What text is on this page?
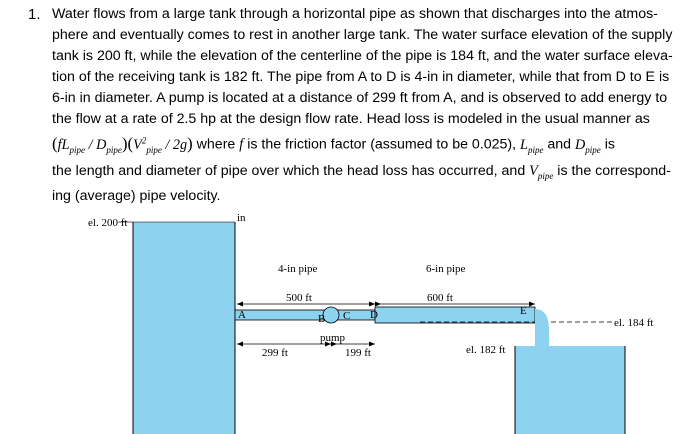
1. Water flows from a large tank through a horizontal pipe as shown that discharges into the atmos-

phere and eventually comes to rest in another large tank. The water surface elevation of the supply

tank is 200 ft, while the elevation of the centerline of the pipe is 184 ft, and the water surface eleva-

tion of the receiving tank is 182 ft. The pipe from A to D is 4-in in diameter, while that from D to E is

6-in in diameter. A pump is located at a distance of 299 ft from A, and is observed to add energy to

the flow at a rate of 2.5 hp at the design flow rate. Head loss is modeled in the usual manner as

$(fL_{pipe} / D_{pipe})(V^2_{pipe} / 2g)$ where f is the friction factor (assumed to be 0.025), $L_{pipe}$ and $D_{pipe}$ is

the length and diameter of pipe over which the head loss has occurred, and $V_{pipe}$ is the correspond-

ing (average) pipe velocity.

el. 200 ft	in
4-in pipe	6-in pipe
500 ft	600 ft
A	B C D	E
pump
299 ft	199 ft
el. 184 ft
el. 182 ft
